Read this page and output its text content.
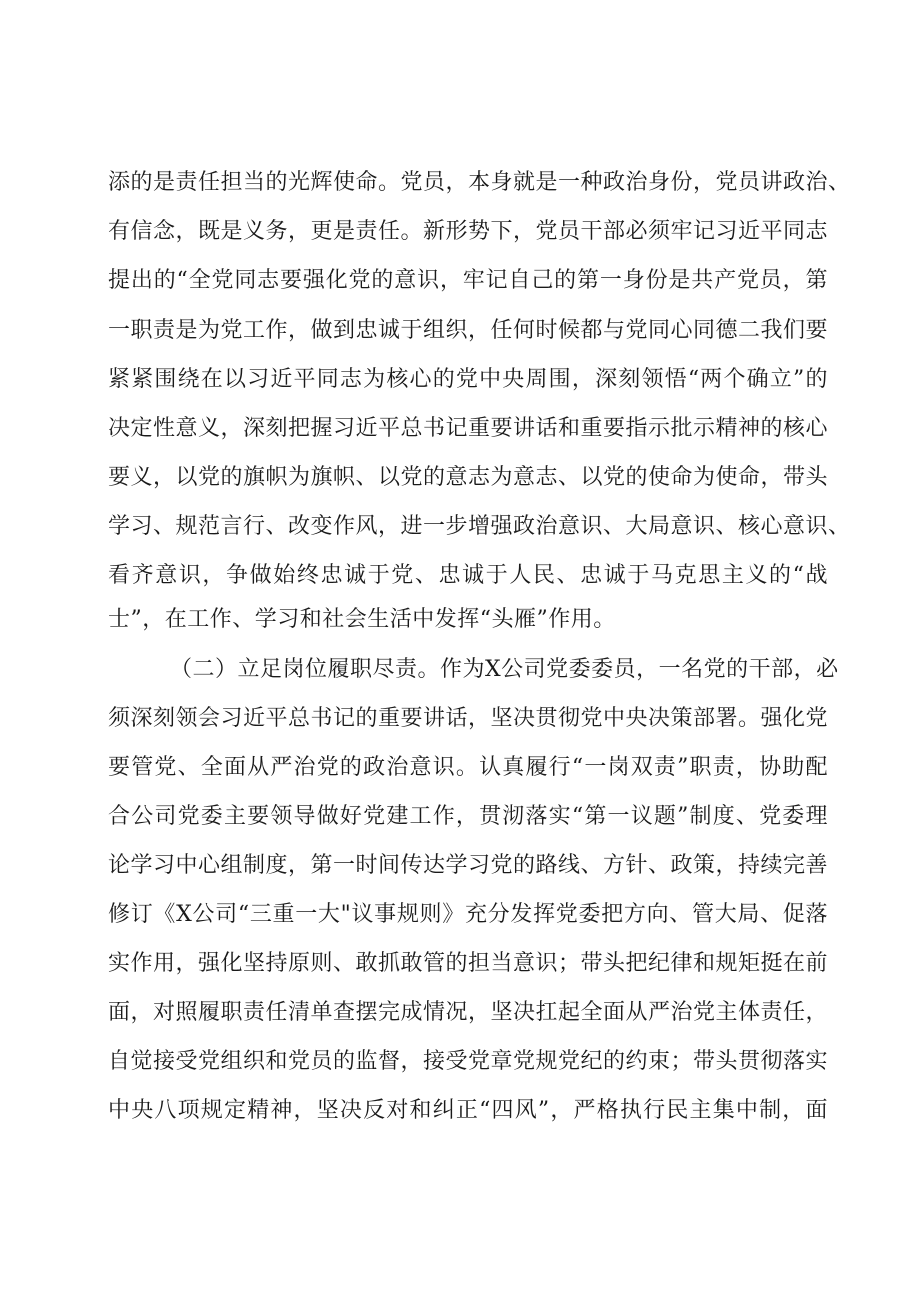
添的是责任担当的光辉使命。党员，本身就是一种政治身份，党员讲政治、
有信念，既是义务，更是责任。新形势下，党员干部必须牢记习近平同志
提出的“全党同志要强化党的意识，牢记自己的第一身份是共产党员，第
一职责是为党工作，做到忠诚于组织，任何时候都与党同心同德二我们要
紧紧围绕在以习近平同志为核心的党中央周围，深刻领悟“两个确立”的
决定性意义，深刻把握习近平总书记重要讲话和重要指示批示精神的核心
要义，以党的旗帜为旗帜、以党的意志为意志、以党的使命为使命，带头
学习、规范言行、改变作风，进一步增强政治意识、大局意识、核心意识、
看齐意识，争做始终忠诚于党、忠诚于人民、忠诚于马克思主义的“战
士”，在工作、学习和社会生活中发挥“头雁”作用。
（二）立足岗位履职尽责。作为X公司党委委员，一名党的干部，必
须深刻领会习近平总书记的重要讲话，坚决贯彻党中央决策部署。强化党
要管党、全面从严治党的政治意识。认真履行“一岗双责”职责，协助配
合公司党委主要领导做好党建工作，贯沏落实“第一议题”制度、党委理
论学习中心组制度，第一时间传达学习党的路线、方针、政策，持续完善
修订《X公司“三重一大"议事规则》充分发挥党委把方向、管大局、促落
实作用，强化坚持原则、敢抓敢管的担当意识；带头把纪律和规矩挺在前
面，对照履职责任清单查摆完成情况，坚决扛起全面从严治党主体责任，
自觉接受党组织和党员的监督，接受党章党规党纪的约束；带头贯彻落实
中央八项规定精神，坚决反对和纠正“四风”，严格执行民主集中制，面
